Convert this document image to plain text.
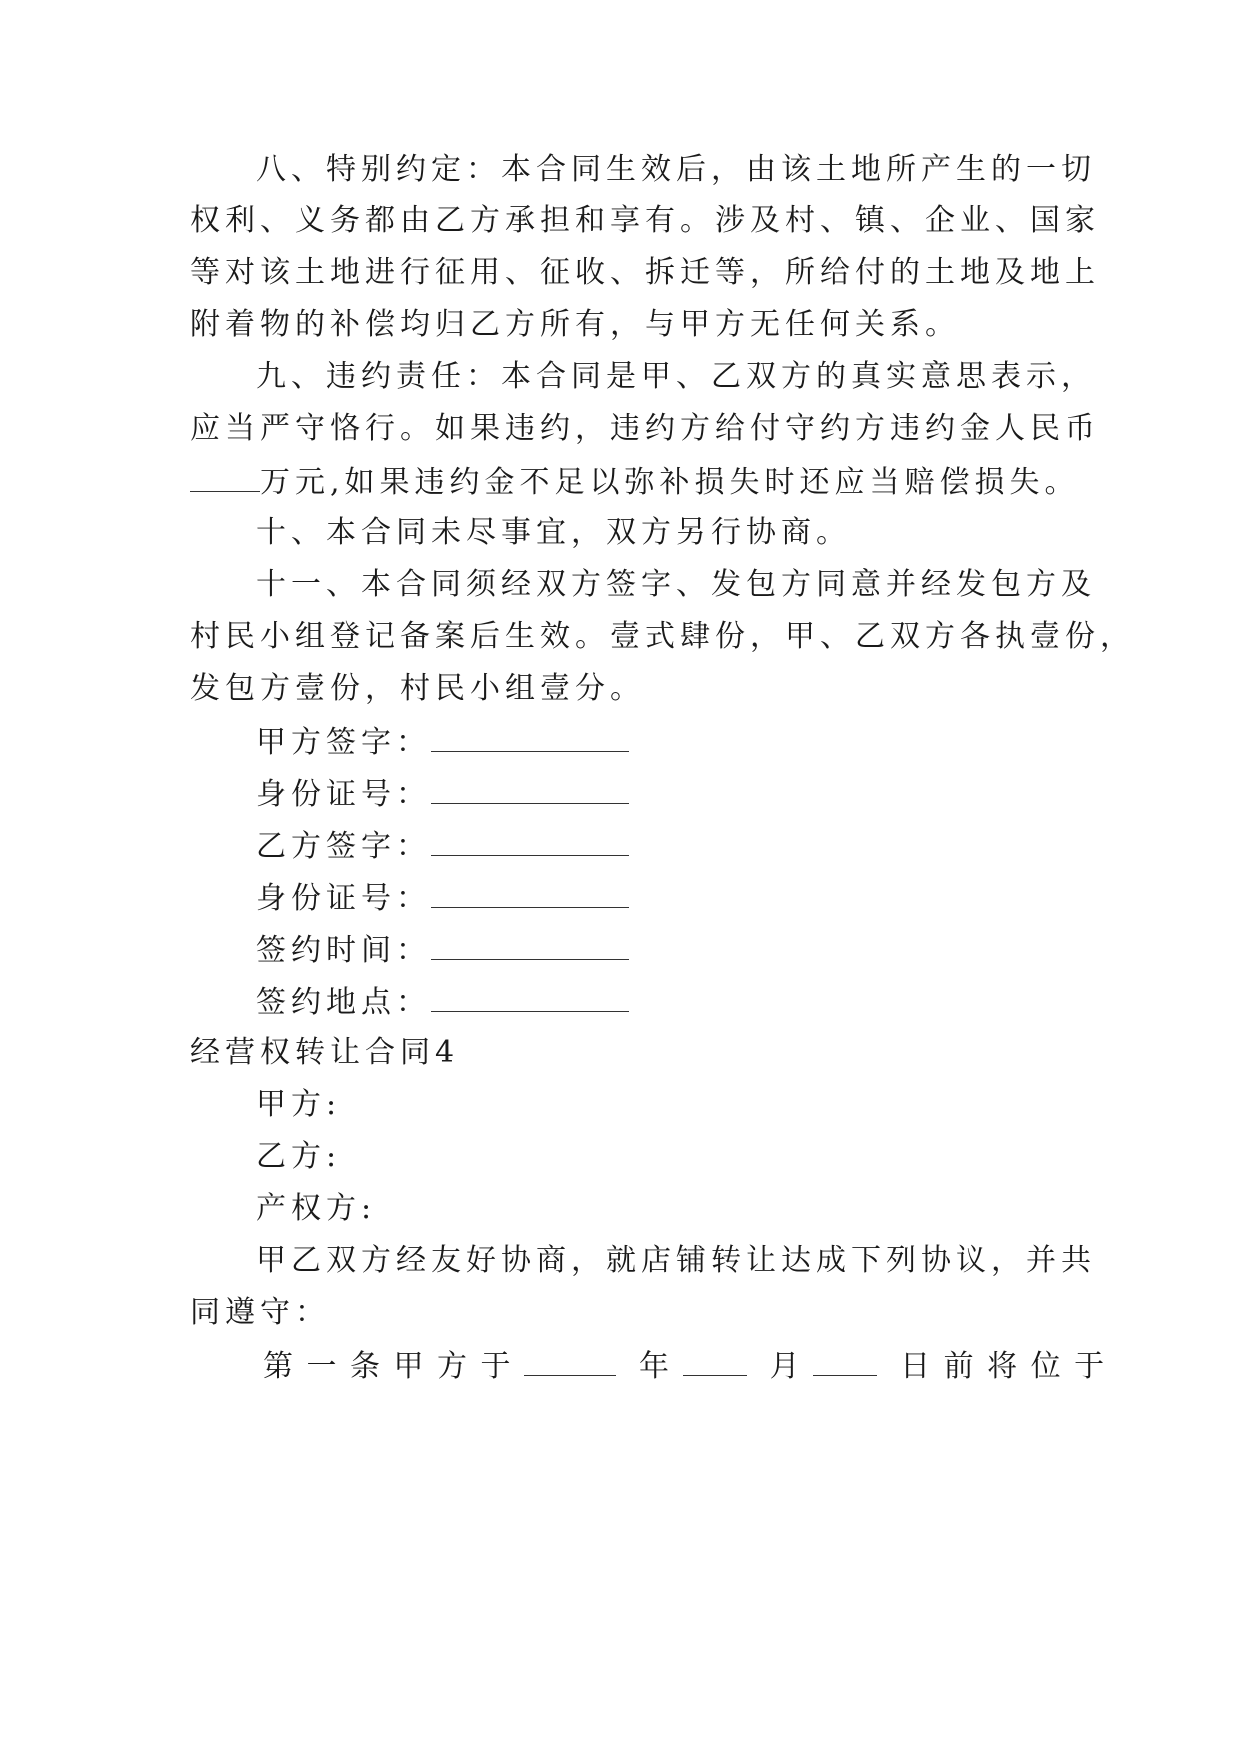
八、特别约定：本合同生效后，由该土地所产生的一切
权利、义务都由乙方承担和享有。涉及村、镇、企业、国家
等对该土地进行征用、征收、拆迁等，所给付的土地及地上
附着物的补偿均归乙方所有，与甲方无任何关系。
九、违约责任：本合同是甲、乙双方的真实意思表示，
应当严守恪行。如果违约，违约方给付守约方违约金人民币
万元,如果违约金不足以弥补损失时还应当赔偿损失。
十、本合同未尽事宜，双方另行协商。
十一、本合同须经双方签字、发包方同意并经发包方及
村民小组登记备案后生效。壹式肆份，甲、乙双方各执壹份，
发包方壹份，村民小组壹分。
甲方签字：
身份证号：
乙方签字：
身份证号：
签约时间：
签约地点：
经营权转让合同4
甲方:
乙方:
产权方:
甲乙双方经友好协商，就店铺转让达成下列协议，并共
同遵守：
第一条甲方于	年	月	日前将位于
